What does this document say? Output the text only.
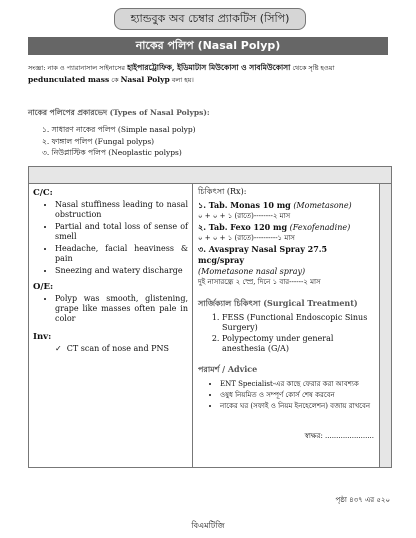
হ্যান্ডবুক অব চেম্বার প্র্যাকটিস (সিপি)
নাকের পলিপ (Nasal Polyp)
সংজ্ঞা: নাক ও প্যারানাসাল সাইনাসের হাইপারট্রোফিক, ইডিমাটাস মিউকোসা ও সাবমিউকোসা থেকে সৃষ্টি হওয়া pedunculated mass কে Nasal Polyp বলা হয়।
নাকের পলিপের প্রকারভেদ (Types of Nasal Polyps):
১. সাধারণ নাকের পলিপ (Simple nasal polyp)
২. ফাঙ্গাল পলিপ (Fungal polyps)
৩. নিউপ্লাস্টিক পলিপ (Neoplastic polyps)
C/C:
• Nasal stuffiness leading to nasal obstruction
• Partial and total loss of sense of smell
• Headache, facial heaviness & pain
• Sneezing and watery discharge
O/E:
• Polyp was smooth, glistening, grape like masses often pale in color
Inv:
✓ CT scan of nose and PNS
চিকিৎসা (Rx):
১. Tab. Monas 10 mg (Mometasone)
০ + ০ + ১ (রাতে)--------২ মাস
২. Tab. Fexo 120 mg (Fexofenadine)
০ + ০ + ১ (রাতে)----------১ মাস
৩. Avaspray Nasal Spray 27.5 mcg/spray
(Mometasone nasal spray)
দুই নাসারন্ধ্রে ২ স্প্রে, দিনে ১ বার------২ মাস
সার্জিক্যাল চিকিৎসা (Surgical Treatment)
1. FESS (Functional Endoscopic Sinus Surgery)
2. Polypectomy under general anesthesia (G/A)
পরামর্শ / Advice
• ENT Specialist-এর কাছে ফেরার করা আবশ্যক
• ওষুধ নিয়মিত ও সম্পূর্ণ কোর্স শেষ করবেন
• নাকের ঘর (সফাই ও নিয়ম ইনহেলেশন) বজায় রাখবেন
স্বাক্ষর: ......................
পৃষ্ঠা ৪৩৭ এর ৫২০
বিএমটিজি
